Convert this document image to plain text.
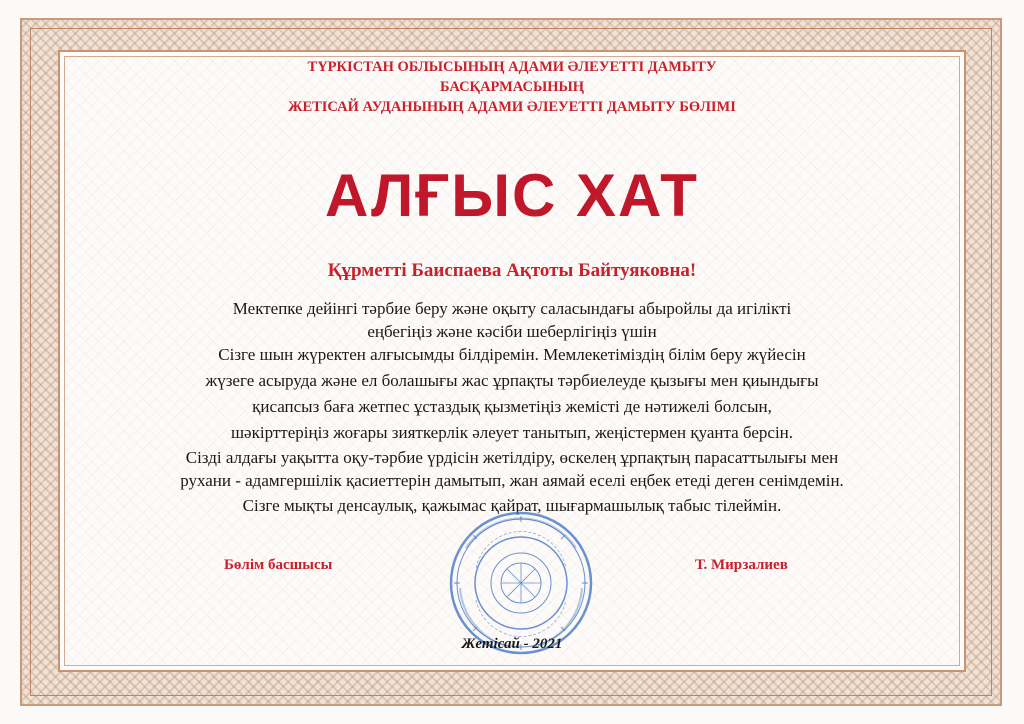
ТҮРКІСТАН ОБЛЫСЫНЫҢ АДАМИ ӘЛЕУЕТТІ ДАМЫТУ
БАСҚАРМАСЫНЫҢ
ЖЕТІСАЙ АУДАНЫНЫҢ АДАМИ ӘЛЕУЕТТІ ДАМЫТУ БӨЛІМІ
АЛҒЫС ХАТ
Құрметті Баиспаева Ақтоты Байтуяковна!
Мектепке дейінгі тәрбие беру және оқыту саласындағы абыройлы да игілікті
еңбегіңіз және кәсіби шеберлігіңіз үшін
Сізге шын жүректен алғысымды білдіремін. Мемлекетіміздің білім беру жүйесін
жүзеге асыруда және ел болашығы жас ұрпақты тәрбиелеуде қызығы мен қиындығы
қисапсыз баға жетпес ұстаздық қызметіңіз жемісті де нәтижелі болсын,
шәкірттеріңіз жоғары зияткерлік әлеует танытып, жеңістермен қуанта берсін.
Сізді алдағы уақытта оқу-тәрбие үрдісін жетілдіру, өскелең ұрпақтың парасаттылығы мен
рухани - адамгершілік қасиеттерін дамытып, жан аямай еселі еңбек етеді деген сенімдемін.
Сізге мықты денсаулық, қажымас қайрат, шығармашылық табыс тілеймін.
Бөлім басшысы	Т. Мирзалиев
Жетісай - 2021
